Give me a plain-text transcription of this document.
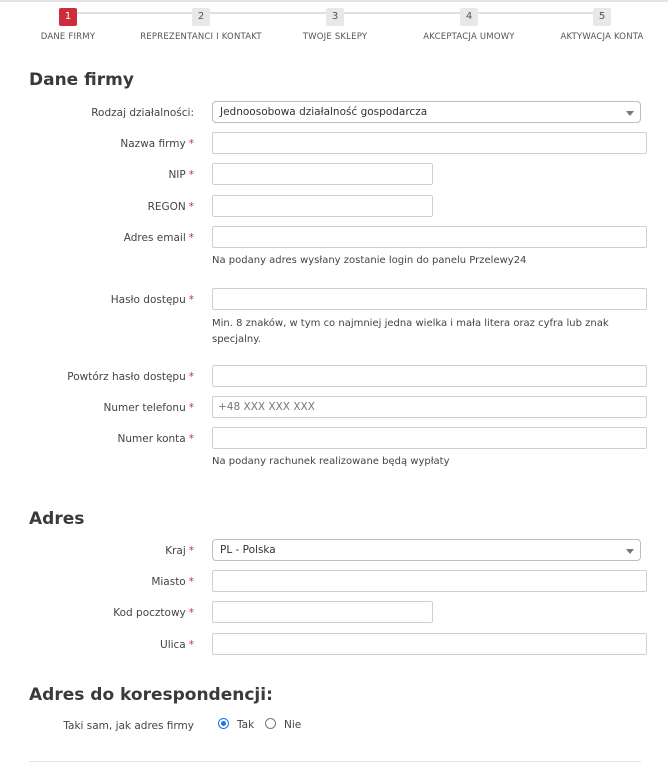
1
DANE FIRMY
2
REPREZENTANCI I KONTAKT
3
TWOJE SKLEPY
4
AKCEPTACJA UMOWY
5
AKTYWACJA KONTA
Dane firmy
Rodzaj działalności: Jednoosobowa działalność gospodarcza
Nazwa firmy *
NIP *
REGON *
Adres email *
Na podany adres wysłany zostanie login do panelu Przelewy24
Hasło dostępu *
Min. 8 znaków, w tym co najmniej jedna wielka i mała litera oraz cyfra lub znak specjalny.
Powtórz hasło dostępu *
Numer telefonu * +48 XXX XXX XXX
Numer konta *
Na podany rachunek realizowane będą wypłaty
Adres
Kraj * PL - Polska
Miasto *
Kod pocztowy *
Ulica *
Adres do korespondencji:
Taki sam, jak adres firmy	Tak	Nie
